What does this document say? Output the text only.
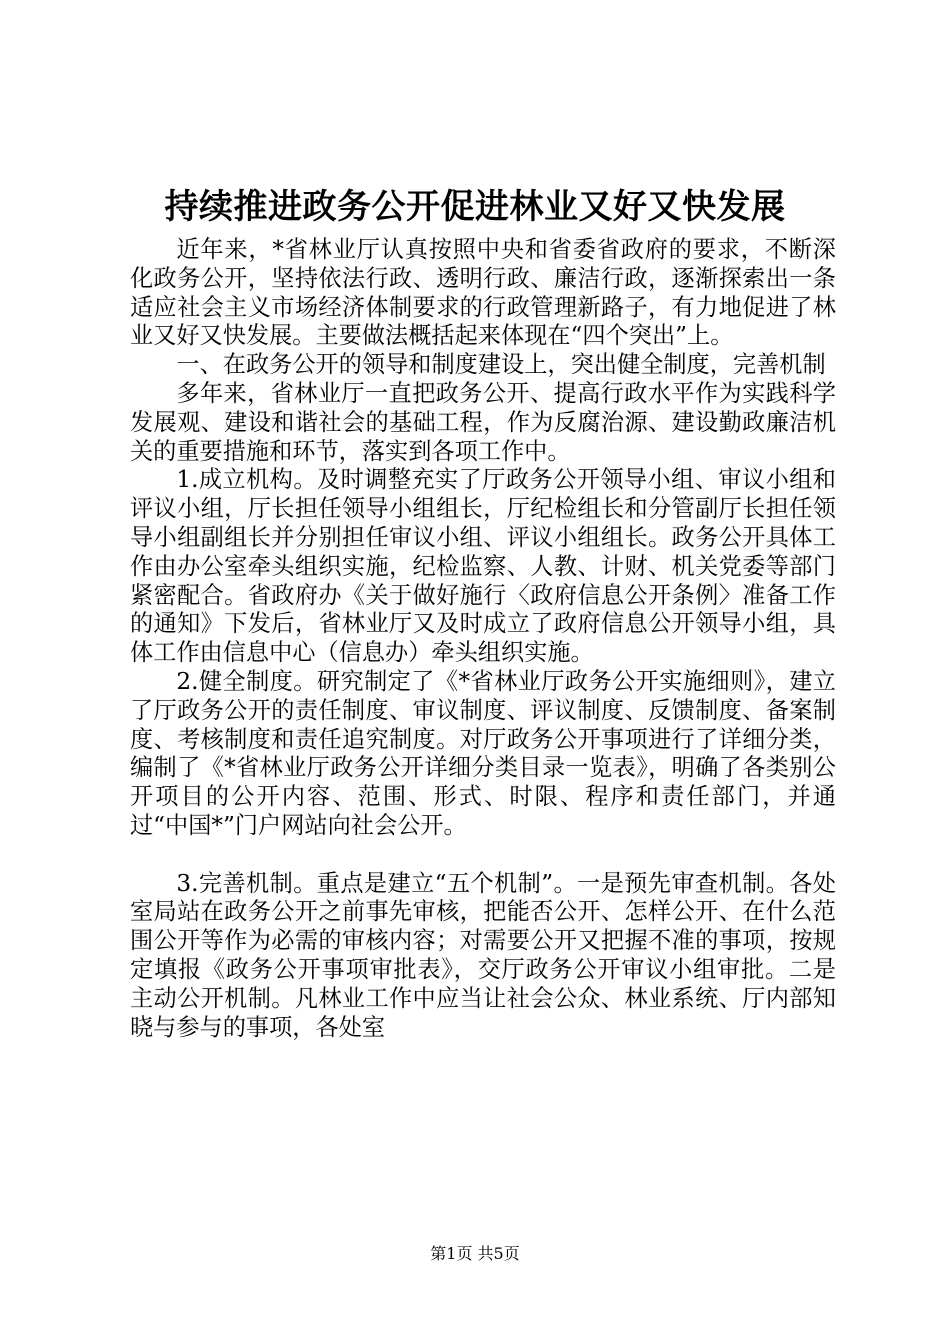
持续推进政务公开促进林业又好又快发展

近年来，*省林业厅认真按照中央和省委省政府的要求，不断深化政务公开，坚持依法行政、透明行政、廉洁行政，逐渐探索出一条适应社会主义市场经济体制要求的行政管理新路子，有力地促进了林业又好又快发展。主要做法概括起来体现在“四个突出”上。

一、在政务公开的领导和制度建设上，突出健全制度，完善机制

多年来，省林业厅一直把政务公开、提高行政水平作为实践科学发展观、建设和谐社会的基础工程，作为反腐治源、建设勤政廉洁机关的重要措施和环节，落实到各项工作中。

1.成立机构。及时调整充实了厅政务公开领导小组、审议小组和评议小组，厅长担任领导小组组长，厅纪检组长和分管副厅长担任领导小组副组长并分别担任审议小组、评议小组组长。政务公开具体工作由办公室牵头组织实施，纪检监察、人教、计财、机关党委等部门紧密配合。省政府办《关于做好施行〈政府信息公开条例〉准备工作的通知》下发后，省林业厅又及时成立了政府信息公开领导小组，具体工作由信息中心（信息办）牵头组织实施。

2.健全制度。研究制定了《*省林业厅政务公开实施细则》，建立了厅政务公开的责任制度、审议制度、评议制度、反馈制度、备案制度、考核制度和责任追究制度。对厅政务公开事项进行了详细分类，编制了《*省林业厅政务公开详细分类目录一览表》，明确了各类别公开项目的公开内容、范围、形式、时限、程序和责任部门，并通过“中国*”门户网站向社会公开。

3.完善机制。重点是建立“五个机制”。一是预先审查机制。各处室局站在政务公开之前事先审核，把能否公开、怎样公开、在什么范围公开等作为必需的审核内容；对需要公开又把握不准的事项，按规定填报《政务公开事项审批表》，交厅政务公开审议小组审批。二是主动公开机制。凡林业工作中应当让社会公众、林业系统、厅内部知晓与参与的事项，各处室

第1页 共5页
